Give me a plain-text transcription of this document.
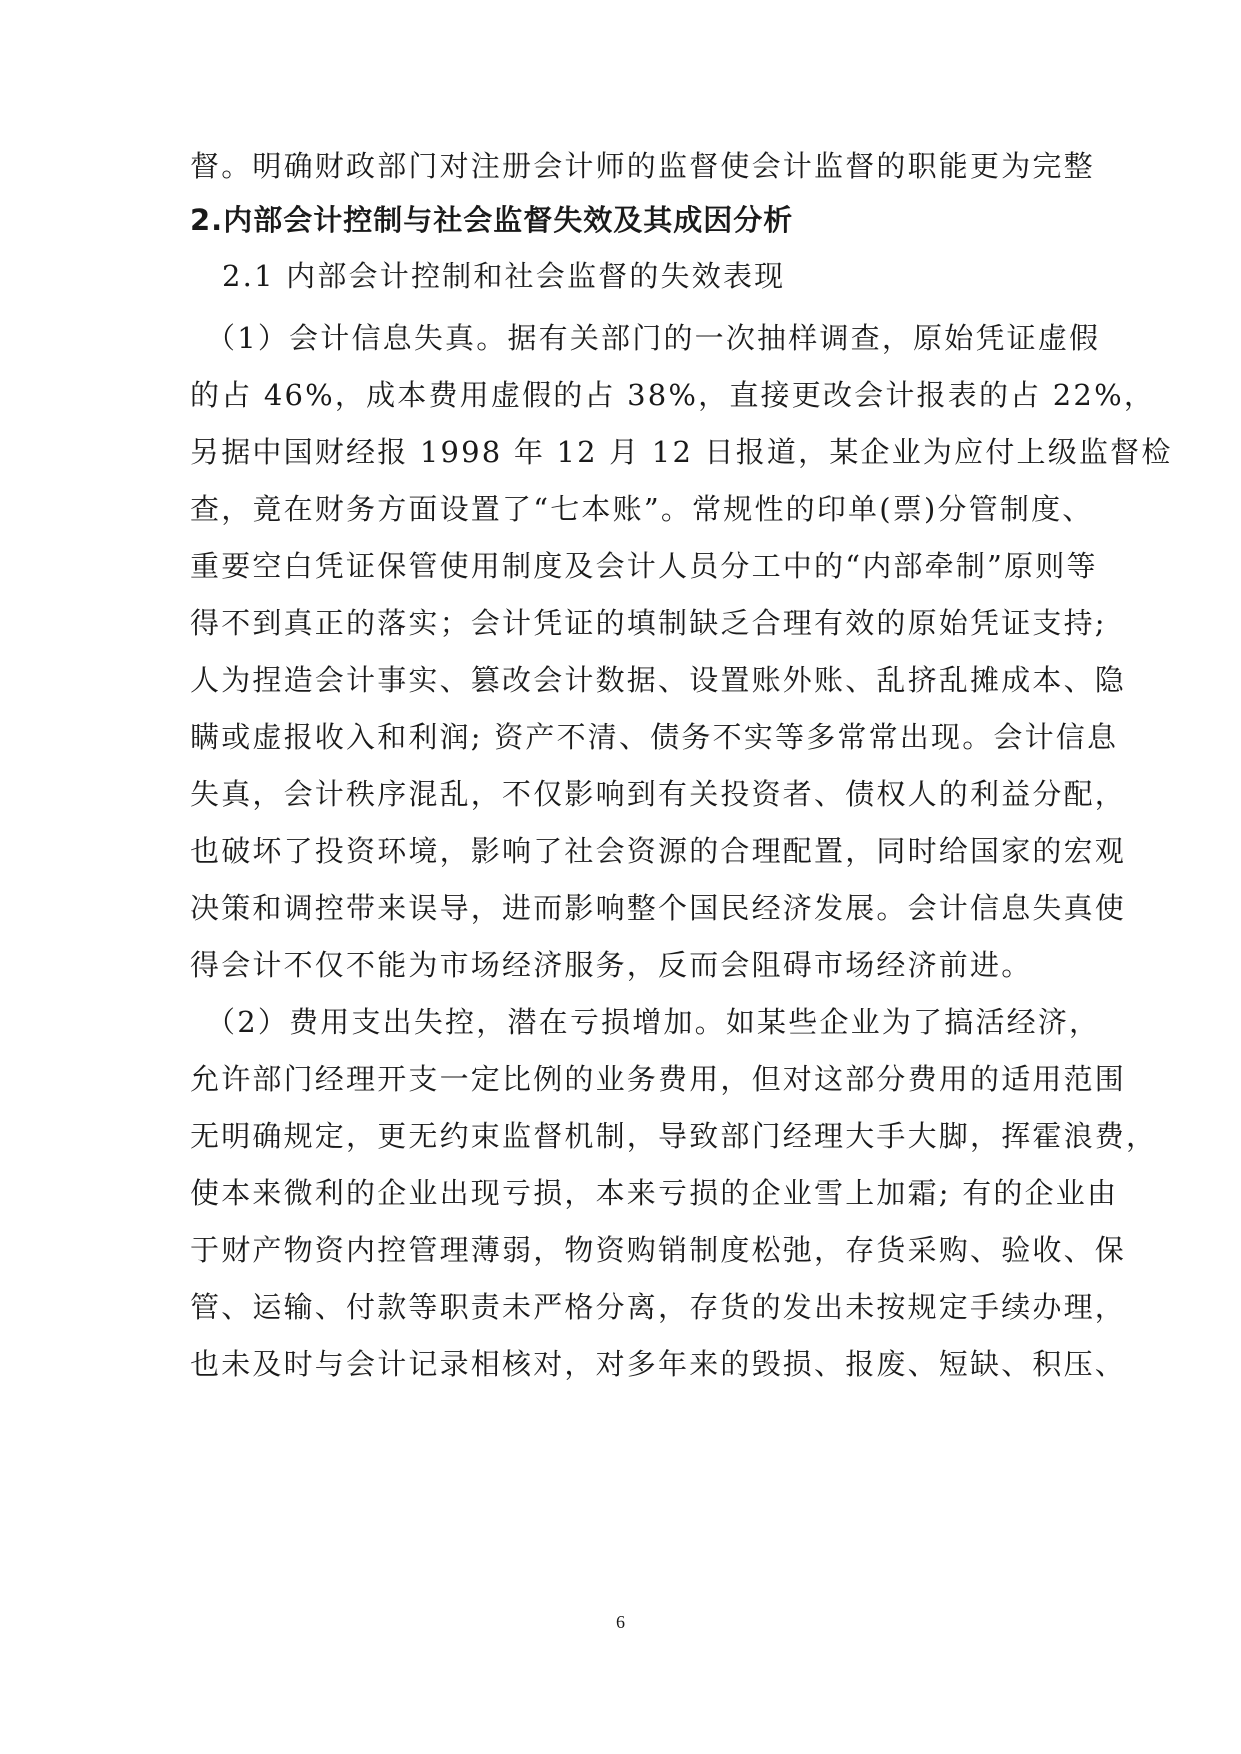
督。明确财政部门对注册会计师的监督使会计监督的职能更为完整
2.内部会计控制与社会监督失效及其成因分析
2.1 内部会计控制和社会监督的失效表现
（1）会计信息失真。据有关部门的一次抽样调查，原始凭证虚假
的占 46%，成本费用虚假的占 38%，直接更改会计报表的占 22%，
另据中国财经报 1998 年 12 月 12 日报道，某企业为应付上级监督检
查，竟在财务方面设置了“七本账”。常规性的印单(票)分管制度、
重要空白凭证保管使用制度及会计人员分工中的“内部牵制”原则等
得不到真正的落实；会计凭证的填制缺乏合理有效的原始凭证支持;
人为捏造会计事实、篡改会计数据、设置账外账、乱挤乱摊成本、隐
瞒或虚报收入和利润; 资产不清、债务不实等多常常出现。会计信息
失真，会计秩序混乱，不仅影响到有关投资者、债权人的利益分配，
也破坏了投资环境，影响了社会资源的合理配置，同时给国家的宏观
决策和调控带来误导，进而影响整个国民经济发展。会计信息失真使
得会计不仅不能为市场经济服务，反而会阻碍市场经济前进。
（2）费用支出失控，潜在亏损增加。如某些企业为了搞活经济，
允许部门经理开支一定比例的业务费用，但对这部分费用的适用范围
无明确规定，更无约束监督机制，导致部门经理大手大脚，挥霍浪费，
使本来微利的企业出现亏损，本来亏损的企业雪上加霜; 有的企业由
于财产物资内控管理薄弱，物资购销制度松弛，存货采购、验收、保
管、运输、付款等职责未严格分离，存货的发出未按规定手续办理，
也未及时与会计记录相核对，对多年来的毁损、报废、短缺、积压、
6
